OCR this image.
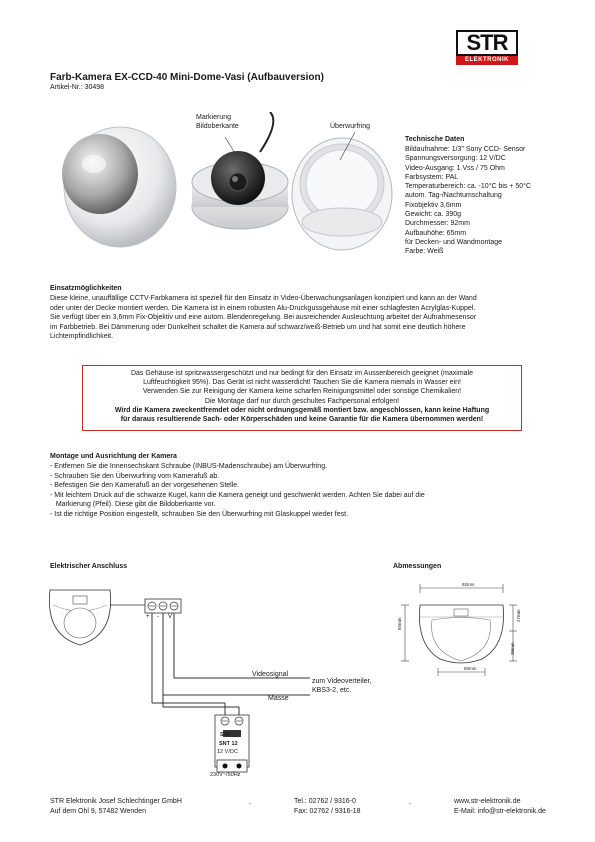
STR
ELEKTRONIK
Farb-Kamera EX-CCD-40 Mini-Dome-Vasi (Aufbauversion)
Artikel-Nr.: 30498
Markierung
Bildoberkante	Überwurfring
Technische Daten
Bildaufnahme: 1/3" Sony CCD- Sensor
Spannungsversorgung: 12 V/DC
Video-Ausgang: 1 Vss / 75 Ohm
Farbsystem: PAL
Temperaturbereich: ca. -10°C bis + 50°C
autom. Tag-/Nachtumschaltung
Fixobjektiv 3,6mm
Gewicht: ca. 390g
Durchmesser: 92mm
Aufbauhöhe: 65mm
für Decken- und Wandmontage
Farbe: Weiß
Einsatzmöglichkeiten
Diese kleine, unauffällige CCTV-Farbkamera ist speziell für den Einsatz in Video-Überwachungsanlagen konzipiert und kann an der Wand
oder unter der Decke montiert werden. Die Kamera ist in einem robusten Alu-Druckgussgehäuse mit einer schlagfesten Acrylglas-Kuppel.
Sie verfügt über ein 3,6mm Fix-Objektiv und eine autom. Blendenregelung. Bei ausreichender Ausleuchtung arbeitet der Aufnahmesensor
im Farbbetrieb. Bei Dämmerung oder Dunkelheit schaltet die Kamera auf schwarz/weiß-Betrieb um und hat somit eine deutlich höhere
Lichtempfindlichkeit.
Das Gehäuse ist spritzwassergeschützt und nur bedingt für den Einsatz im Aussenbereich geeignet (maximale
Luftfeuchtigkeit 95%). Das Gerät ist nicht wasserdicht! Tauchen Sie die Kamera niemals in Wasser ein!
Verwenden Sie zur Reinigung der Kamera keine scharfen Reinigungsmittel oder sonstige Chemikalien!
Die Montage darf nur durch geschultes Fachpersonal erfolgen!
Wird die Kamera zweckentfremdet oder nicht ordnungsgemäß montiert bzw. angeschlossen, kann keine Haftung
für daraus resultierende Sach- oder Körperschäden und keine Garantie für die Kamera übernommen werden!
Montage und Ausrichtung der Kamera
- Entfernen Sie die Innensechskant Schraube (INBUS-Madenschraube) am Überwurfring.
- Schrauben Sie den Überwurfring vom Kamerafuß ab.
- Befestigen Sie den Kamerafuß an der vorgesehenen Stelle.
- Mit leichtem Druck auf die schwarze Kugel, kann die Kamera geneigt und geschwenkt werden. Achten Sie dabei auf die
Markierung (Pfeil). Diese gibt die Bildoberkante vor.
- Ist die richtige Position eingestellt, schrauben Sie den Überwurfring mit Glaskuppel wieder fest.
Elektrischer Anschluss
+ - V
Videosignal
zum Videoverteiler,
KBS3-2, etc.
Masse
STR
SNT 12
12 V/DC
230V~/50Hz
Abmessungen
92mm
65mm
27mm
38mm
60mm
STR Elektronik Josef Schlechtinger GmbH
Auf dem Ohl 9, 57482 Wenden
.	Tel.: 02762 / 9316-0
Fax: 02762 / 9316-18
.	www.str-elektronik.de
E-Mail: info@str-elektronik.de
